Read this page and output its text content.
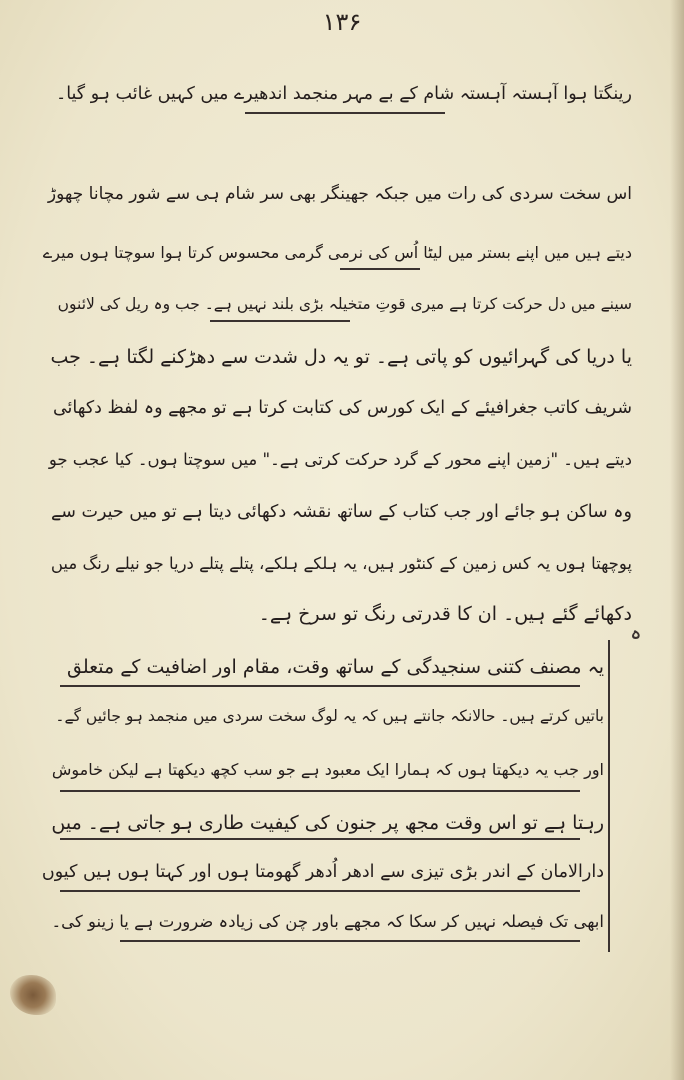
۱۳۶
رینگتا ہوا آہستہ آہستہ شام کے بے مہر منجمد اندھیرے میں کہیں غائب ہو گیا۔
اس سخت سردی کی رات میں جبکہ جھینگر بھی سر شام ہی سے شور مچانا چھوڑ
دیتے ہیں میں اپنے بستر میں لیٹا اُس کی نرمی گرمی محسوس کرتا ہوا سوچتا ہوں میرے
سینے میں دل حرکت کرتا ہے میری قوتِ متخیلہ بڑی بلند نہیں ہے۔ جب وہ ریل کی لائنوں
یا دریا کی گہرائیوں کو پاتی ہے۔ تو یہ دل شدت سے دھڑکنے لگتا ہے۔ جب
شریف کاتب جغرافیئے کے ایک کورس کی کتابت کرتا ہے تو مجھے وہ لفظ دکھائی
دیتے ہیں۔ "زمین اپنے محور کے گرد حرکت کرتی ہے۔" میں سوچتا ہوں۔ کیا عجب جو
وہ ساکن ہو جائے اور جب کتاب کے ساتھ نقشہ دکھائی دیتا ہے تو میں حیرت سے
پوچھتا ہوں یہ کس زمین کے کنٹور ہیں، یہ ہلکے ہلکے، پتلے پتلے دریا جو نیلے رنگ میں
دکھائے گئے ہیں۔ ان کا قدرتی رنگ تو سرخ ہے۔
یہ مصنف کتنی سنجیدگی کے ساتھ وقت، مقام اور اضافیت کے متعلق
باتیں کرتے ہیں۔ حالانکہ جانتے ہیں کہ یہ لوگ سخت سردی میں منجمد ہو جائیں گے۔
اور جب یہ دیکھتا ہوں کہ ہمارا ایک معبود ہے جو سب کچھ دیکھتا ہے لیکن خاموش
رہتا ہے تو اس وقت مجھ پر جنون کی کیفیت طاری ہو جاتی ہے۔ میں
دارالامان کے اندر بڑی تیزی سے ادھر اُدھر گھومتا ہوں اور کہتا ہوں ہیں کیوں
ابھی تک فیصلہ نہیں کر سکا کہ مجھے باور چن کی زیادہ ضرورت ہے یا زینو کی۔
ہ
